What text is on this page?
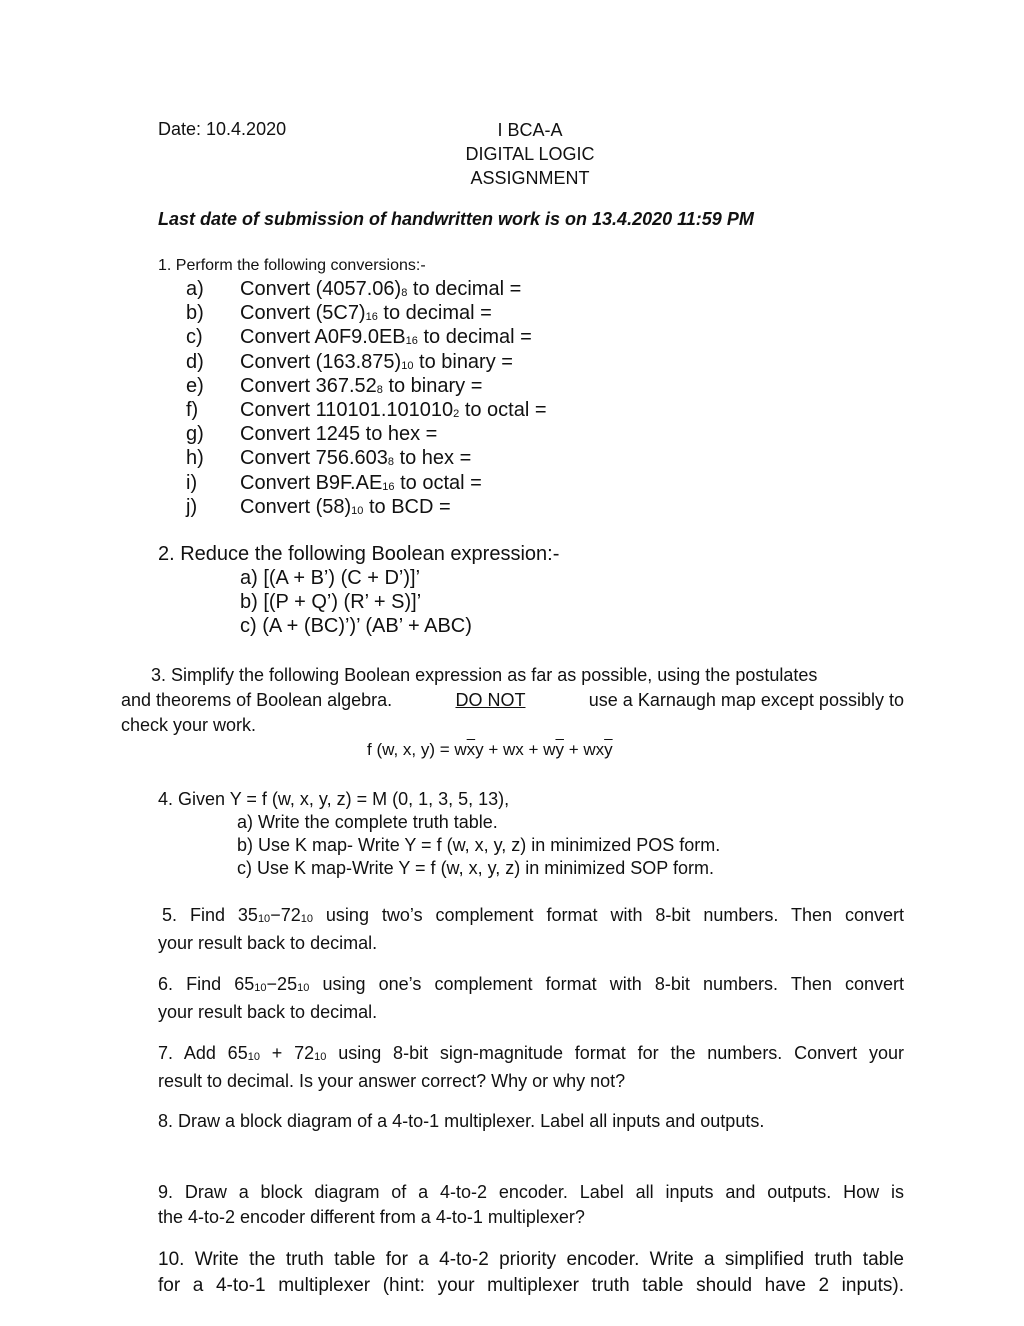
Date: 10.4.2020	I BCA-A
DIGITAL LOGIC
ASSIGNMENT
Last date of submission of handwritten work is on 13.4.2020 11:59 PM
1. Perform the following conversions:-
a) Convert $(4057.06)_8$ to decimal =
b) Convert $(5C7)_{16}$ to decimal =
c) Convert $A0F9.0EB_{16}$ to decimal =
d) Convert $(163.875)_{10}$ to binary =
e) Convert $367.52_8$ to binary =
f) Convert $110101.101010_2$ to octal =
g) Convert 1245 to hex =
h) Convert $756.603_8$ to hex =
i) Convert $B9F.AE_{16}$ to octal =
j) Convert $(58)_{10}$ to BCD =
2. Reduce the following Boolean expression:-
a) [(A + B’) (C + D’)]’
b) [(P + Q’) (R’ + S)]’
c) (A + (BC)’)’ (AB’ + ABC)
3. Simplify the following Boolean expression as far as possible, using the postulates
and theorems of Boolean algebra.	DO NOT	use a Karnaugh map except possibly to
check your work.
f (w, x, $y) = w\overline{x}y$ + wx + $w\overline{y} + wx\overline{y}$
4. Given Y = f (w, x, y, z) = M (0, 1, 3, 5, 13),
a) Write the complete truth table.
b) Use K map- Write Y = f (w, x, y, z) in minimized POS form.
c) Use K map-Write Y = f (w, x, y, z) in minimized SOP form.
5. Find $35_{10}-72_{10}$ using two’s complement format with 8-bit numbers. Then convert
your result back to decimal.
6. Find $65_{10}-25_{10}$ using one’s complement format with 8-bit numbers. Then convert
your result back to decimal.
7. Add $65_{10} + 72_{10}$ using 8-bit sign-magnitude format for the numbers. Convert your
result to decimal. Is your answer correct? Why or why not?
8. Draw a block diagram of a 4-to-1 multiplexer. Label all inputs and outputs.
9. Draw a block diagram of a 4-to-2 encoder. Label all inputs and outputs. How is
the 4-to-2 encoder different from a 4-to-1 multiplexer?
10. Write the truth table for a 4-to-2 priority encoder. Write a simplified truth table
for a 4-to-1 multiplexer (hint: your multiplexer truth table should have 2 inputs).
